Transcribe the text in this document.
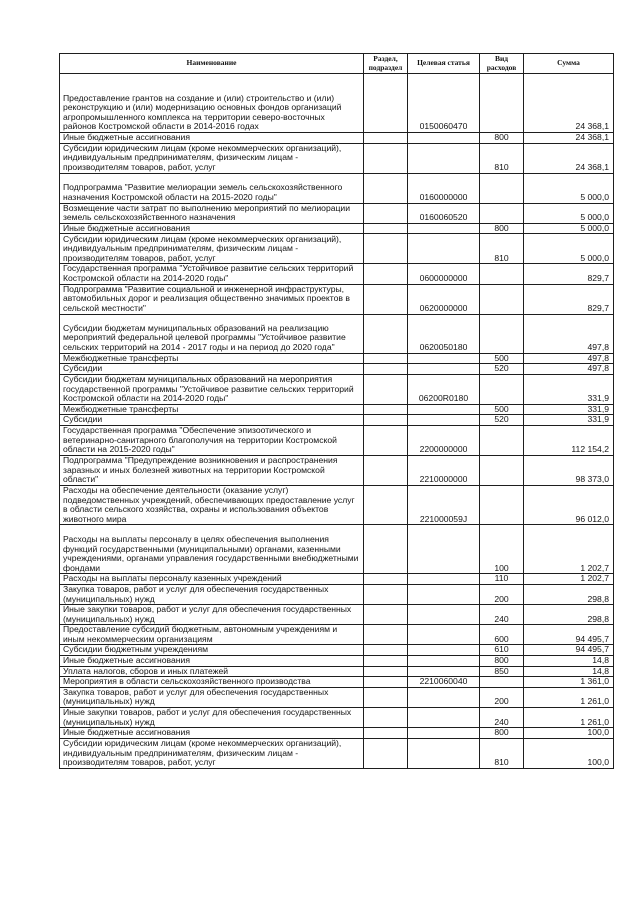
Наименование	Раздел, подраздел	Целевая статья	Вид расходов	Сумма
Предоставление грантов на создание и (или) строительство и (или) реконструкцию и (или) модернизацию основных фондов организаций агропромышленного комплекса на территории северо-восточных районов Костромской области в 2014-2016 годах		0150060470		24 368,1
Иные бюджетные ассигнования			800	24 368,1
Субсидии юридическим лицам (кроме некоммерческих организаций), индивидуальным предпринимателям, физическим лицам - производителям товаров, работ, услуг			810	24 368,1
Подпрограмма "Развитие мелиорации земель сельскохозяйственного назначения Костромской области на 2015-2020 годы"		0160000000		5 000,0
Возмещение части затрат по выполнению мероприятий по мелиорации земель сельскохозяйственного назначения		0160060520		5 000,0
Иные бюджетные ассигнования			800	5 000,0
Субсидии юридическим лицам (кроме некоммерческих организаций), индивидуальным предпринимателям, физическим лицам - производителям товаров, работ, услуг			810	5 000,0
Государственная программа "Устойчивое развитие сельских территорий Костромской области на 2014-2020 годы"		0600000000		829,7
Подпрограмма "Развитие социальной и инженерной инфраструктуры, автомобильных дорог и реализация общественно значимых проектов в сельской местности"		0620000000		829,7
Субсидии бюджетам муниципальных образований на реализацию мероприятий федеральной целевой программы "Устойчивое развитие сельских территорий на 2014 - 2017 годы и на период до 2020 года"		0620050180		497,8
Межбюджетные трансферты			500	497,8
Субсидии			520	497,8
Субсидии бюджетам муниципальных образований на мероприятия государственной программы "Устойчивое развитие сельских территорий Костромской области на 2014-2020 годы"		06200R0180		331,9
Межбюджетные трансферты			500	331,9
Субсидии			520	331,9
Государственная программа "Обеспечение эпизоотического и ветеринарно-санитарного благополучия на территории Костромской области на 2015-2020 годы"		2200000000		112 154,2
Подпрограмма "Предупреждение возникновения и распространения заразных и иных болезней животных на территории Костромской области"		2210000000		98 373,0
Расходы на обеспечение деятельности (оказание услуг) подведомственных учреждений, обеспечивающих предоставление услуг в области сельского хозяйства, охраны и использования объектов животного мира		221000059J		96 012,0
Расходы на выплаты персоналу в целях обеспечения выполнения функций государственными (муниципальными) органами, казенными учреждениями, органами управления государственными внебюджетными фондами			100	1 202,7
Расходы на выплаты персоналу казенных учреждений			110	1 202,7
Закупка товаров, работ и услуг для обеспечения государственных (муниципальных) нужд			200	298,8
Иные закупки товаров, работ и услуг для обеспечения государственных (муниципальных) нужд			240	298,8
Предоставление субсидий бюджетным, автономным учреждениям и иным некоммерческим организациям			600	94 495,7
Субсидии бюджетным учреждениям			610	94 495,7
Иные бюджетные ассигнования			800	14,8
Уплата налогов, сборов и иных платежей			850	14,8
Мероприятия в области сельскохозяйственного производства		2210060040		1 361,0
Закупка товаров, работ и услуг для обеспечения государственных (муниципальных) нужд			200	1 261,0
Иные закупки товаров, работ и услуг для обеспечения государственных (муниципальных) нужд			240	1 261,0
Иные бюджетные ассигнования			800	100,0
Субсидии юридическим лицам (кроме некоммерческих организаций), индивидуальным предпринимателям, физическим лицам - производителям товаров, работ, услуг			810	100,0
